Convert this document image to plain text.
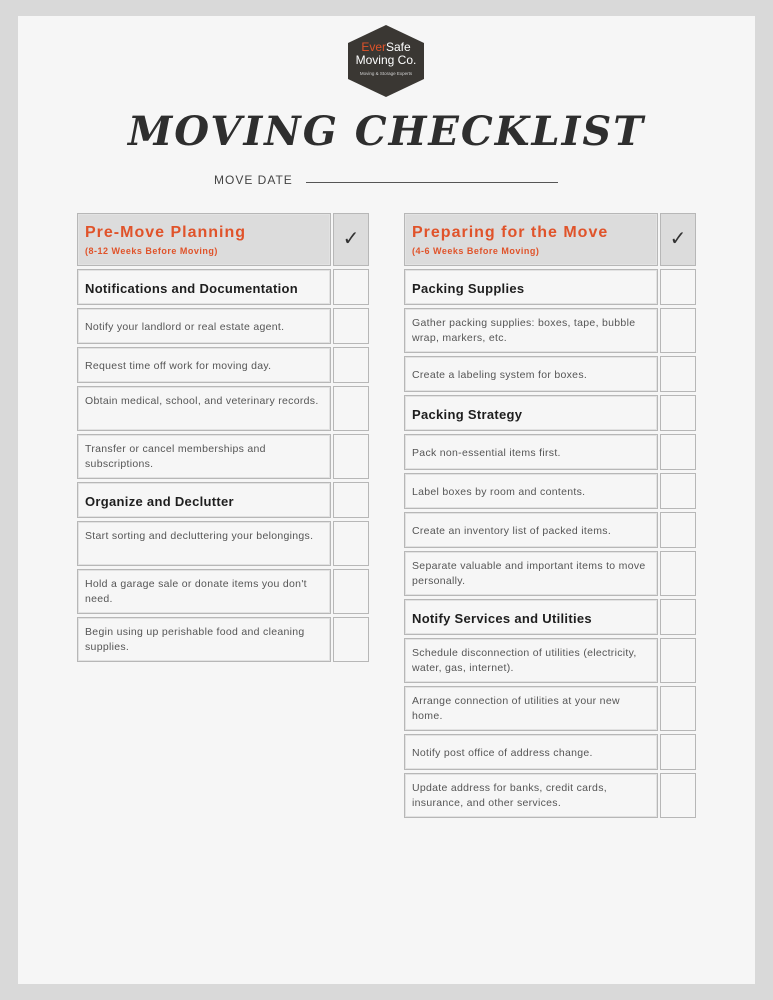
EverSafe
Moving Co.
Moving & Storage Experts
MOVING CHECKLIST
MOVE DATE
Pre-Move Planning
(8-12 Weeks Before Moving)
✓
Notifications and Documentation
Notify your landlord or real estate agent.
Request time off work for moving day.
Obtain medical, school, and veterinary records.
Transfer or cancel memberships and subscriptions.
Organize and Declutter
Start sorting and decluttering your belongings.
Hold a garage sale or donate items you don't need.
Begin using up perishable food and cleaning supplies.
Preparing for the Move
(4-6 Weeks Before Moving)
✓
Packing Supplies
Gather packing supplies: boxes, tape, bubble wrap, markers, etc.
Create a labeling system for boxes.
Packing Strategy
Pack non-essential items first.
Label boxes by room and contents.
Create an inventory list of packed items.
Separate valuable and important items to move personally.
Notify Services and Utilities
Schedule disconnection of utilities (electricity, water, gas, internet).
Arrange connection of utilities at your new home.
Notify post office of address change.
Update address for banks, credit cards, insurance, and other services.
